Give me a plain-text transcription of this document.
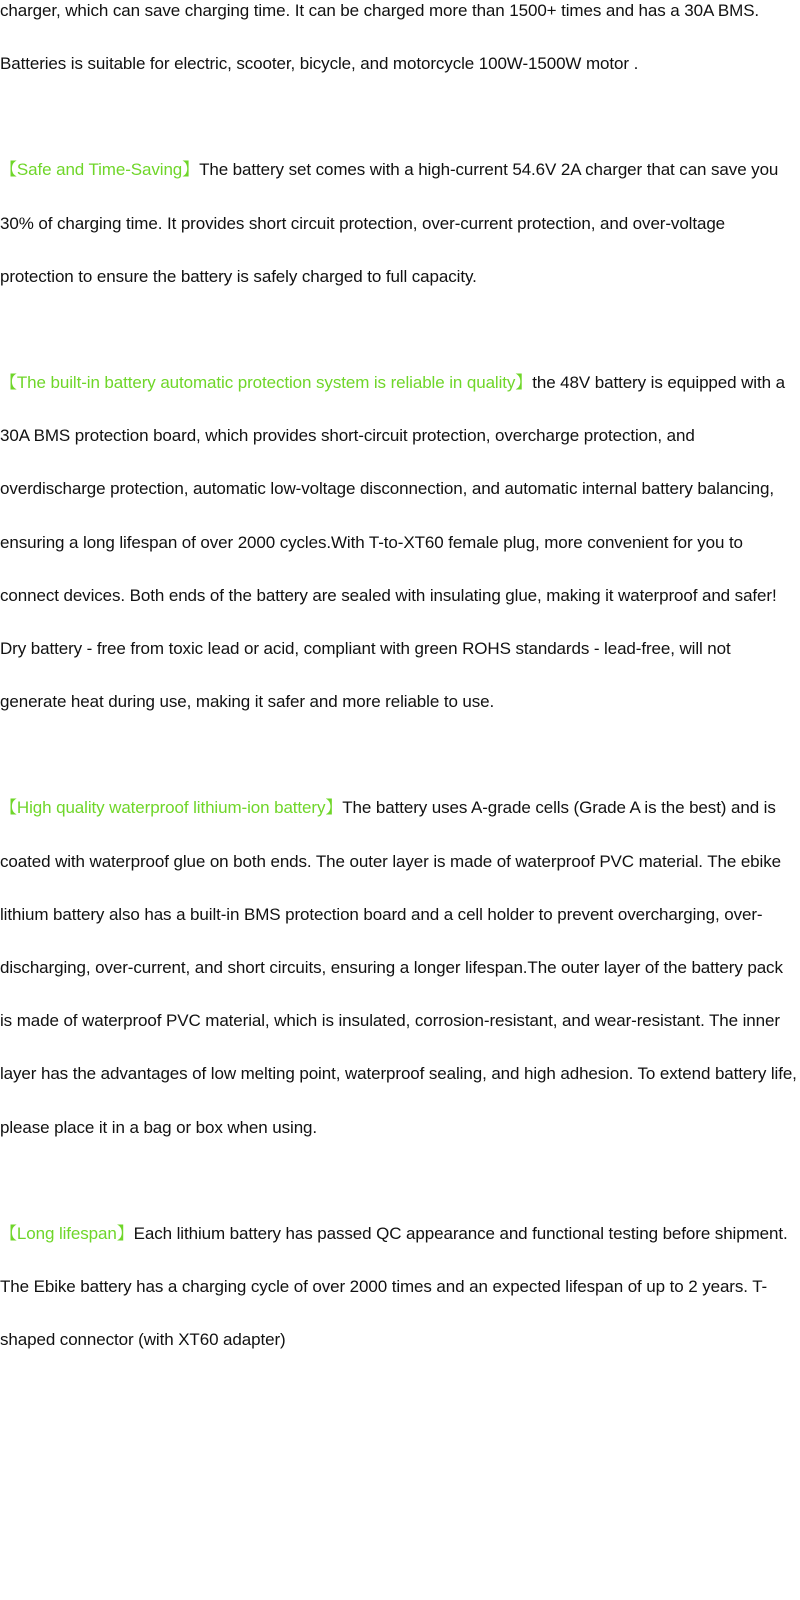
charger, which can save charging time. It can be charged more than 1500+ times and has a 30A BMS. Batteries is suitable for electric, scooter, bicycle, and motorcycle 100W-1500W motor .

【Safe and Time-Saving】The battery set comes with a high-current 54.6V 2A charger that can save you 30% of charging time. It provides short circuit protection, over-current protection, and over-voltage protection to ensure the battery is safely charged to full capacity.

【The built-in battery automatic protection system is reliable in quality】the 48V battery is equipped with a 30A BMS protection board, which provides short-circuit protection, overcharge protection, and overdischarge protection, automatic low-voltage disconnection, and automatic internal battery balancing, ensuring a long lifespan of over 2000 cycles.With T-to-XT60 female plug, more convenient for you to connect devices. Both ends of the battery are sealed with insulating glue, making it waterproof and safer! Dry battery - free from toxic lead or acid, compliant with green ROHS standards - lead-free, will not generate heat during use, making it safer and more reliable to use.

【High quality waterproof lithium-ion battery】The battery uses A-grade cells (Grade A is the best) and is coated with waterproof glue on both ends. The outer layer is made of waterproof PVC material. The ebike lithium battery also has a built-in BMS protection board and a cell holder to prevent overcharging, over-discharging, over-current, and short circuits, ensuring a longer lifespan.The outer layer of the battery pack is made of waterproof PVC material, which is insulated, corrosion-resistant, and wear-resistant. The inner layer has the advantages of low melting point, waterproof sealing, and high adhesion. To extend battery life, please place it in a bag or box when using.

【Long lifespan】Each lithium battery has passed QC appearance and functional testing before shipment. The Ebike battery has a charging cycle of over 2000 times and an expected lifespan of up to 2 years. T-shaped connector (with XT60 adapter)
